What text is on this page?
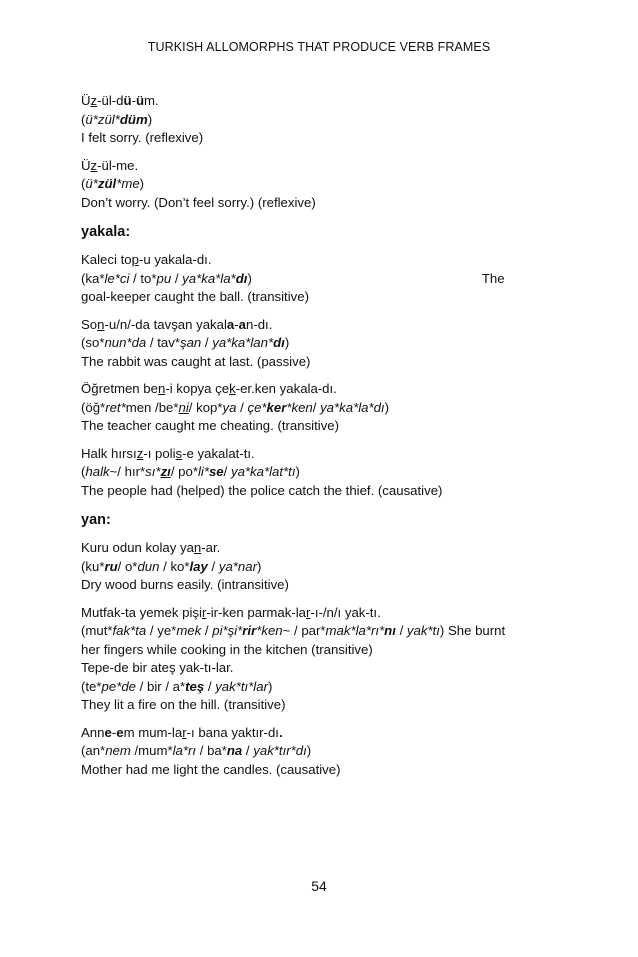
TURKISH ALLOMORPHS THAT PRODUCE VERB FRAMES
Üz-ül-dü-üm.
(ü*zül*düm)
I felt sorry. (reflexive)
Üz-ül-me.
(ü*zül*me)
Don’t worry. (Don’t feel sorry.) (reflexive)
yakala:
Kaleci top-u yakala-dı.
(ka*le*ci / to*pu / ya*ka*la*dı)	The
goal-keeper caught the ball. (transitive)
Son-u/n/-da tavşan yakala-an-dı.
(so*nun*da / tav*şan / ya*ka*lan*dı)
The rabbit was caught at last. (passive)
Öğretmen ben-i kopya çek-er.ken yakala-dı.
(öğ*ret*men /be*ni/ kop*ya / çe*ker*ken/ ya*ka*la*dı)
The teacher caught me cheating. (transitive)
Halk hırsız-ı polis-e yakalat-tı.
(halk~/ hır*sı*zı/ po*li*se/ ya*ka*lat*tı)
The people had (helped) the police catch the thief. (causative)
yan:
Kuru odun kolay yan-ar.
(ku*ru/ o*dun / ko*lay / ya*nar)
Dry wood burns easily. (intransitive)
Mutfak-ta yemek pişir-ir-ken parmak-lar-ı-/n/ı yak-tı.
(mut*fak*ta / ye*mek / pi*şi*rir*ken~ / par*mak*la*rı*nı / yak*tı) She burnt
her fingers while cooking in the kitchen (transitive)
Tepe-de bir ateş yak-tı-lar.
(te*pe*de / bir / a*teş / yak*tı*lar)
They lit a fire on the hill. (transitive)
Anne-em mum-lar-ı bana yaktır-dı.
(an*nem /mum*la*rı / ba*na / yak*tır*dı)
Mother had me light the candles. (causative)
54
